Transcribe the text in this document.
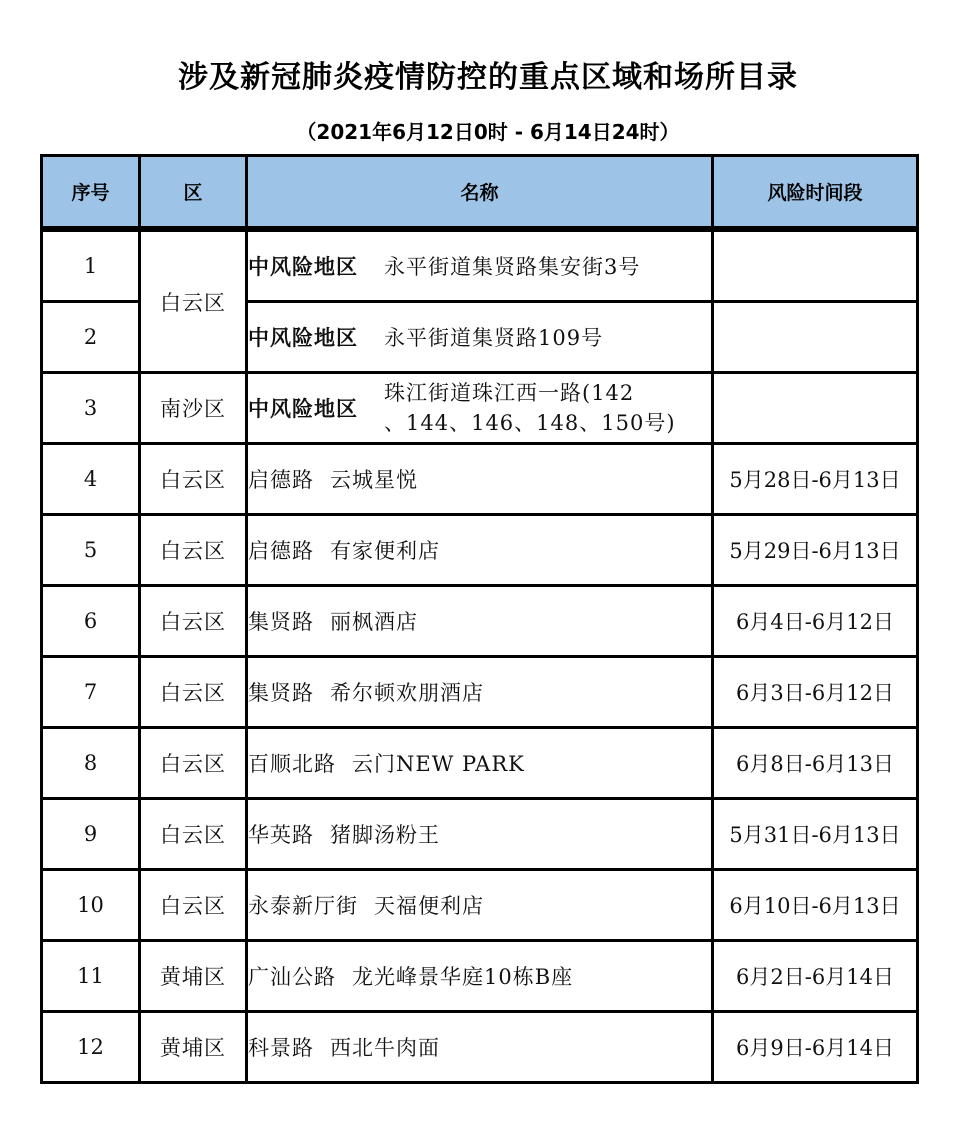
涉及新冠肺炎疫情防控的重点区域和场所目录
（2021年6月12日0时 - 6月14日24时）
序号	区	名称	风险时间段

1	白云区	中风险地区 永平街道集贤路集安街3号	

2		中风险地区 永平街道集贤路109号	

3	南沙区	中风险地区
珠江街道珠江西一路(142
、144、146、148、150号)	

4	白云区	启德路 云城星悦	5月28日-6月13日
5	白云区	启德路 有家便利店	5月29日-6月13日
6	白云区	集贤路 丽枫酒店	6月4日-6月12日
7	白云区	集贤路 希尔顿欢朋酒店	6月3日-6月12日
8	白云区	百顺北路 云门NEW PARK	6月8日-6月13日
9	白云区	华英路 猪脚汤粉王	5月31日-6月13日
10	白云区	永泰新厅街 天福便利店	6月10日-6月13日
11	黄埔区	广汕公路 龙光峰景华庭10栋B座	6月2日-6月14日
12	黄埔区	科景路 西北牛肉面	6月9日-6月14日
